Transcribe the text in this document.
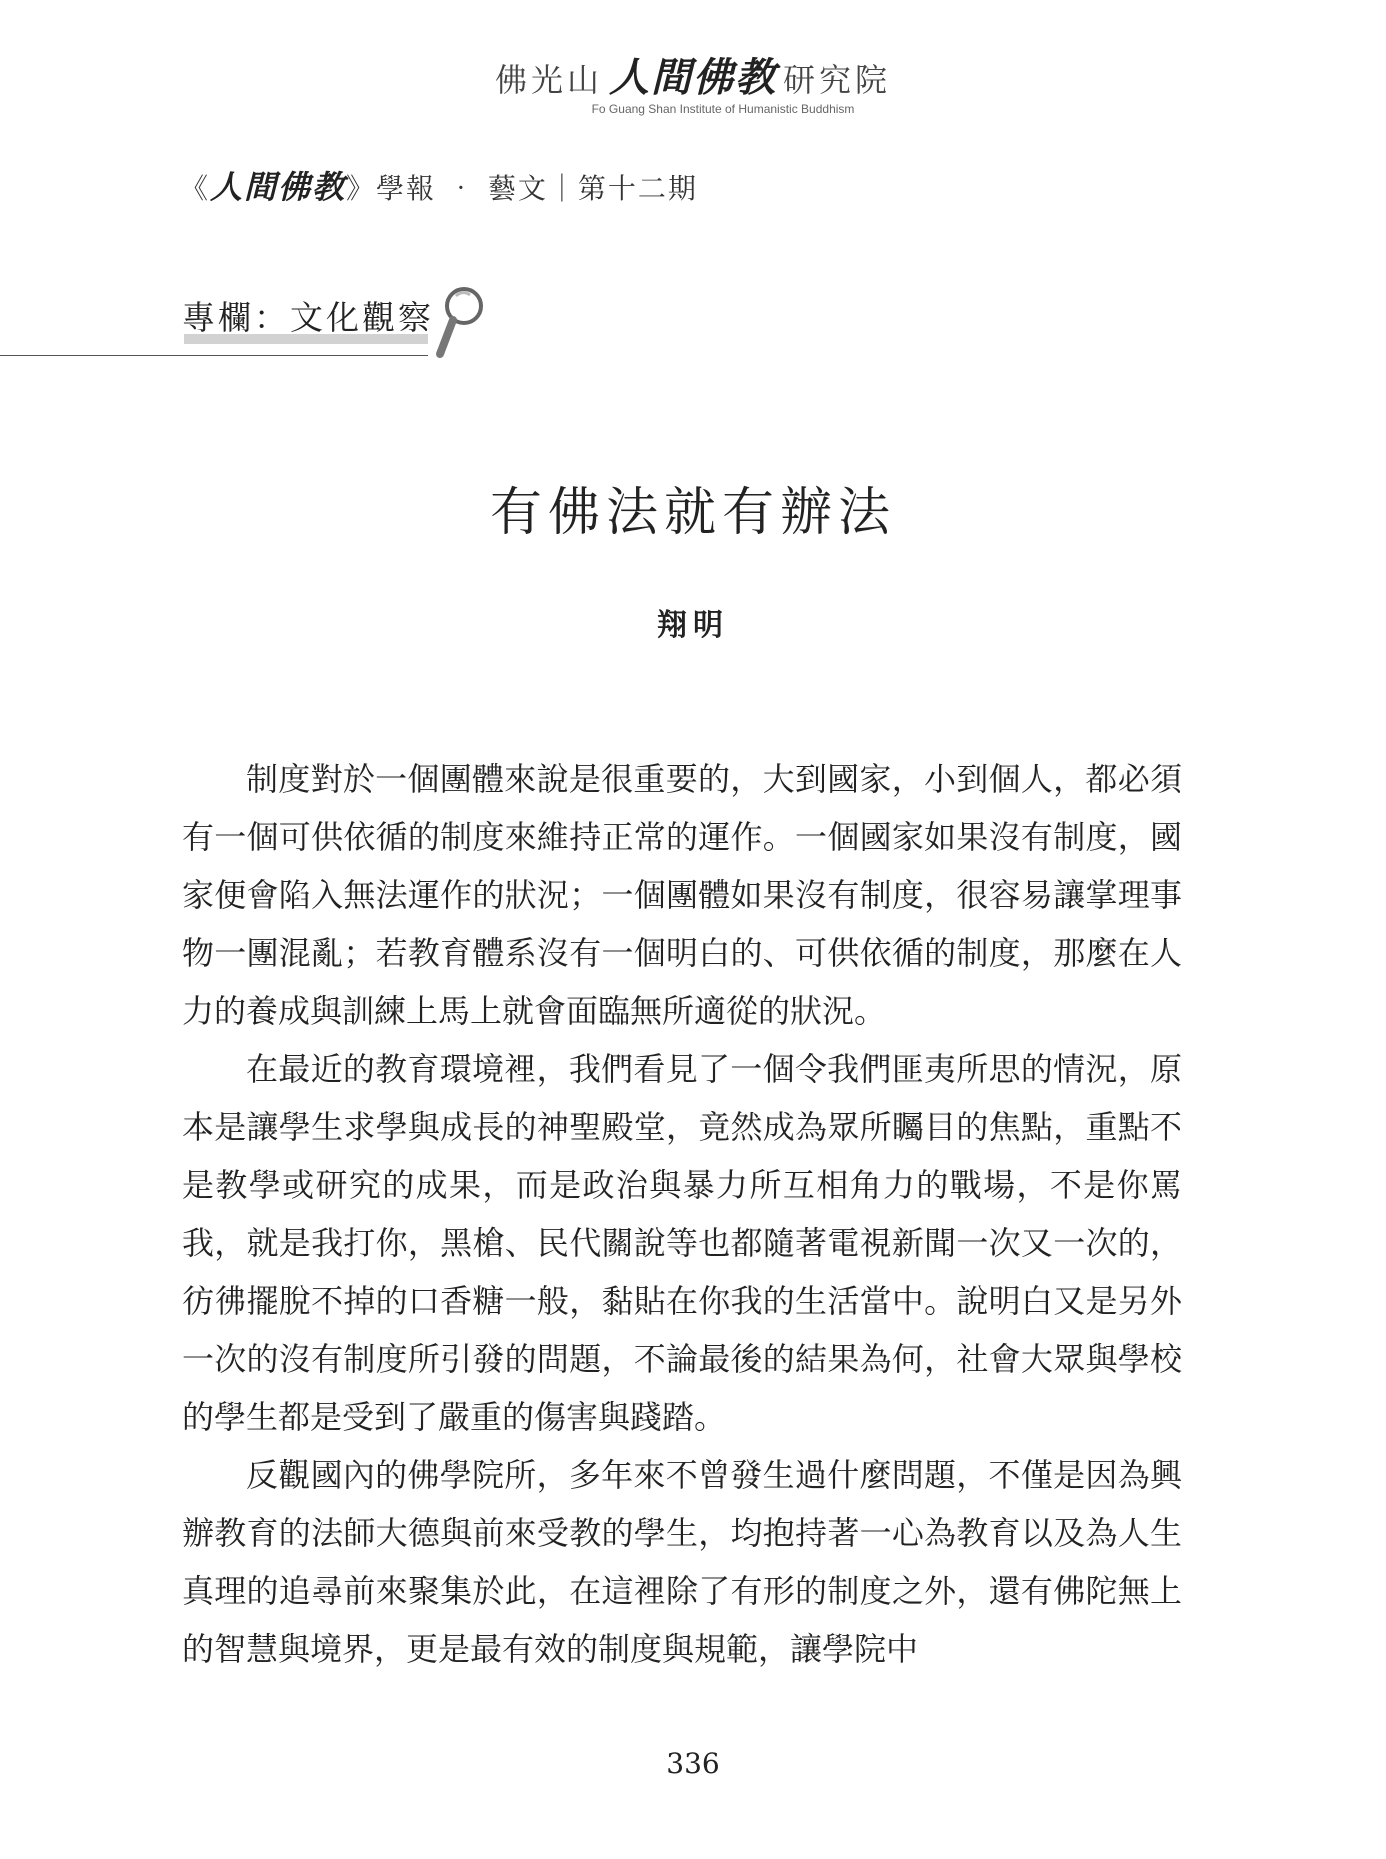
佛光山 人間佛教 研究院
Fo Guang Shan Institute of Humanistic Buddhism
《人間佛教》學報 ‧ 藝文｜第十二期
專欄：文化觀察
有佛法就有辦法
翔明

制度對於一個團體來說是很重要的，大到國家，小到個人，都必須有一個可供依循的制度來維持正常的運作。一個國家如果沒有制度，國家便會陷入無法運作的狀況；一個團體如果沒有制度，很容易讓掌理事物一團混亂；若教育體系沒有一個明白的、可供依循的制度，那麼在人力的養成與訓練上馬上就會面臨無所適從的狀況。

在最近的教育環境裡，我們看見了一個令我們匪夷所思的情況，原本是讓學生求學與成長的神聖殿堂，竟然成為眾所矚目的焦點，重點不是教學或研究的成果，而是政治與暴力所互相角力的戰場，不是你罵我，就是我打你，黑槍、民代關說等也都隨著電視新聞一次又一次的，彷彿擺脫不掉的口香糖一般，黏貼在你我的生活當中。說明白又是另外一次的沒有制度所引發的問題，不論最後的結果為何，社會大眾與學校的學生都是受到了嚴重的傷害與踐踏。

反觀國內的佛學院所，多年來不曾發生過什麼問題，不僅是因為興辦教育的法師大德與前來受教的學生，均抱持著一心為教育以及為人生真理的追尋前來聚集於此，在這裡除了有形的制度之外，還有佛陀無上的智慧與境界，更是最有效的制度與規範，讓學院中

336
